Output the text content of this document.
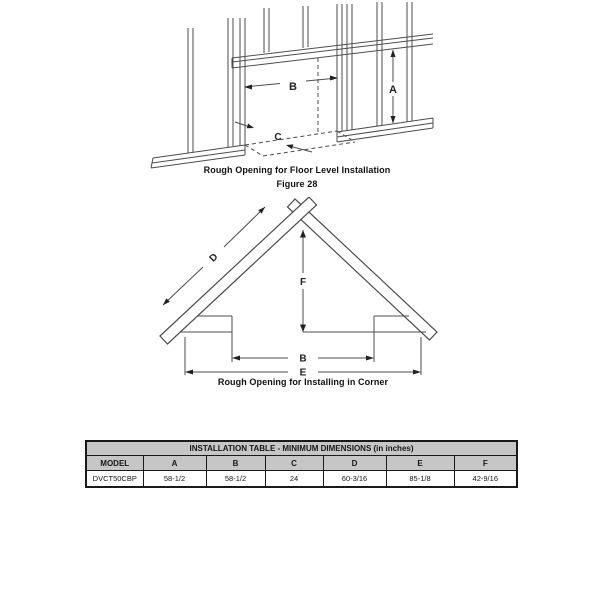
A
B
C
Rough Opening for Floor Level Installation
Figure 28
D
F
B
E
Rough Opening for Installing in Corner
INSTALLATION TABLE - MINIMUM DIMENSIONS (in inches)						
MODEL	A	B	C	D	E	F
DVCT50CBP	58-1/2	58-1/2	24	60-3/16	85-1/8	42-9/16
